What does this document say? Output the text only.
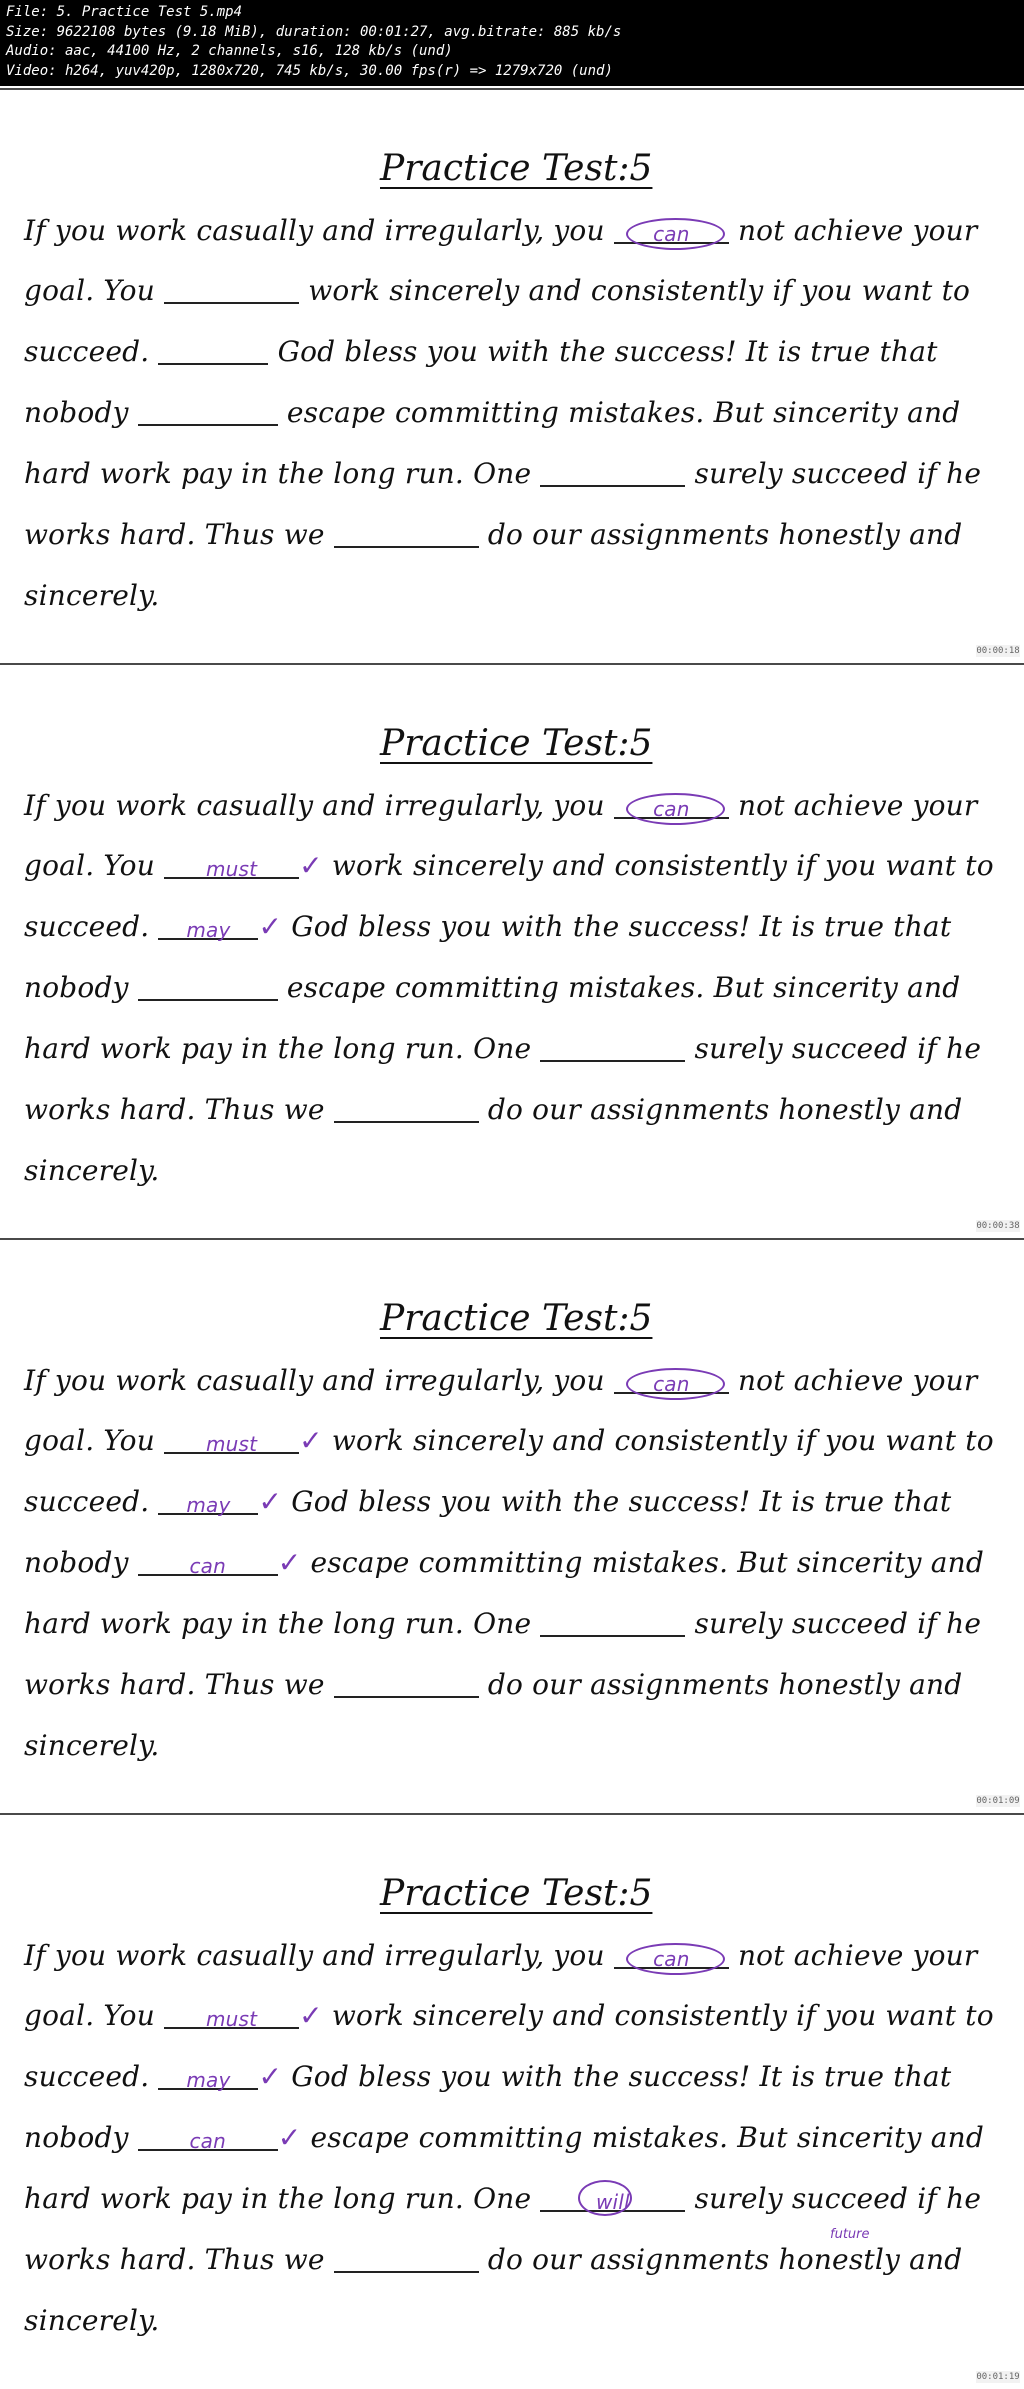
File: 5. Practice Test 5.mp4
Size: 9622108 bytes (9.18 MiB), duration: 00:01:27, avg.bitrate: 885 kb/s
Audio: aac, 44100 Hz, 2 channels, s16, 128 kb/s (und)
Video: h264, yuv420p, 1280x720, 745 kb/s, 30.00 fps(r) => 1279x720 (und)
Practice Test:5
If you work casually and irregularly, you	can	not achieve your
goal. You	work sincerely and consistently if you want to
succeed.	God bless you with the success! It is true that
nobody	escape committing mistakes. But sincerity and
hard work pay in the long run. One	surely succeed if he
works hard. Thus we	do our assignments honestly and
sincerely.
00:00:18
Practice Test:5
If you work casually and irregularly, you	can	not achieve your
goal. You	must	✓ work sincerely and consistently if you want to
succeed.	may ✓ God bless you with the success! It is true that
nobody	escape committing mistakes. But sincerity and
hard work pay in the long run. One	surely succeed if he
works hard. Thus we	do our assignments honestly and
sincerely.
00:00:38
Practice Test:5
If you work casually and irregularly, you	can	not achieve your
goal. You	must	✓ work sincerely and consistently if you want to
succeed.	may ✓ God bless you with the success! It is true that
nobody	can	✓ escape committing mistakes. But sincerity and
hard work pay in the long run. One	surely succeed if he
works hard. Thus we	do our assignments honestly and
sincerely.
00:01:09
Practice Test:5
If you work casually and irregularly, you	can	not achieve your
goal. You	must	✓ work sincerely and consistently if you want to
succeed.	may ✓ God bless you with the success! It is true that
nobody	can	✓ escape committing mistakes. But sincerity and
hard work pay in the long run. One	will	surely succeed if he
future
works hard. Thus we	do our assignments honestly and
sincerely.
00:01:19
